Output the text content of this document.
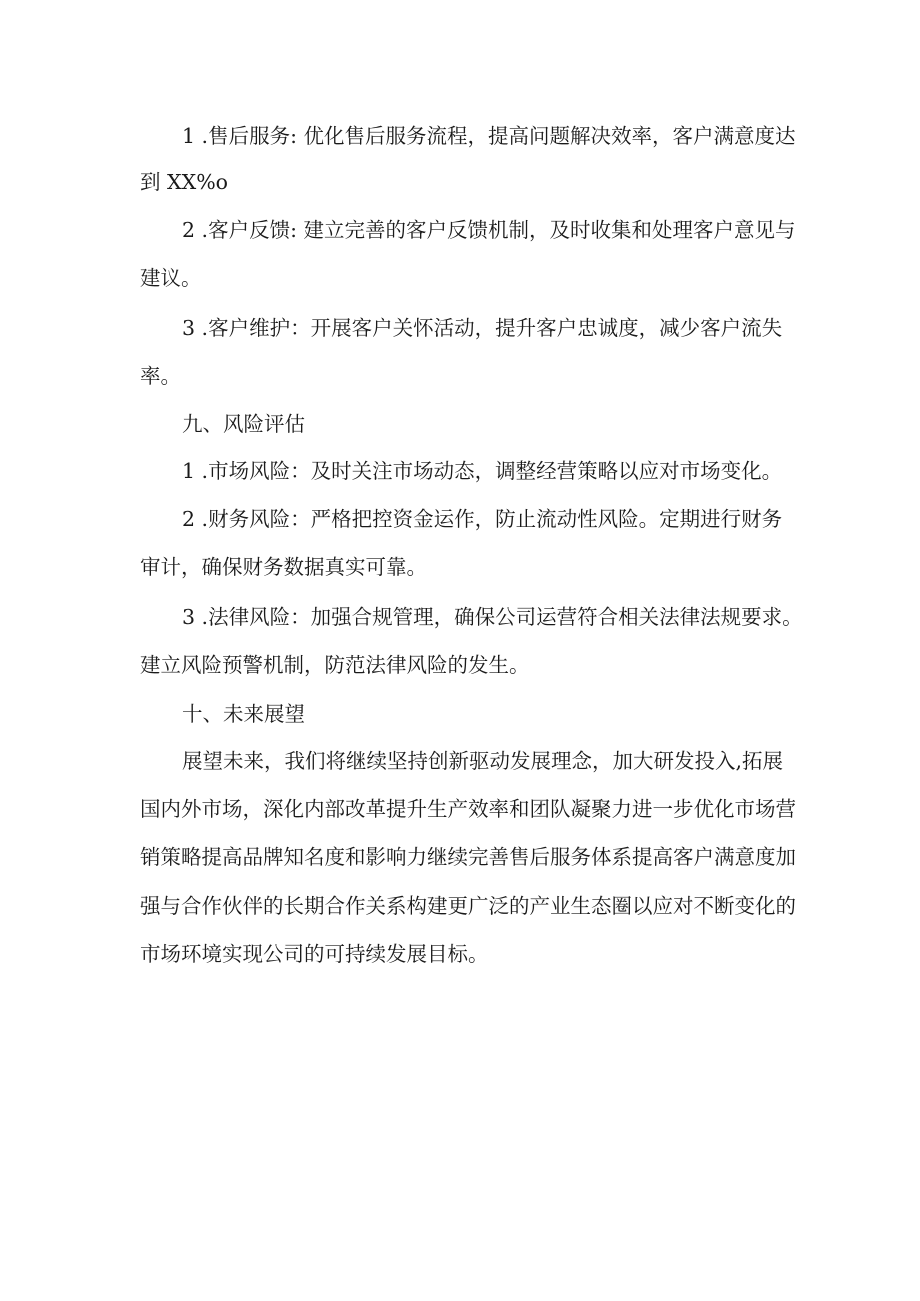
1 .售后服务: 优化售后服务流程，提高问题解决效率，客户满意度达

到 XX%o

2 .客户反馈: 建立完善的客户反馈机制，及时收集和处理客户意见与

建议。

3 .客户维护：开展客户关怀活动，提升客户忠诚度，减少客户流失

率。

九、风险评估

1 .市场风险：及时关注市场动态，调整经营策略以应对市场变化。

2 .财务风险：严格把控资金运作，防止流动性风险。定期进行财务

审计，确保财务数据真实可靠。

3 .法律风险：加强合规管理，确保公司运营符合相关法律法规要求。

建立风险预警机制，防范法律风险的发生。

十、未来展望

展望未来，我们将继续坚持创新驱动发展理念，加大研发投入,拓展

国内外市场，深化内部改革提升生产效率和团队凝聚力进一步优化市场营

销策略提高品牌知名度和影响力继续完善售后服务体系提高客户满意度加

强与合作伙伴的长期合作关系构建更广泛的产业生态圈以应对不断变化的

市场环境实现公司的可持续发展目标。
